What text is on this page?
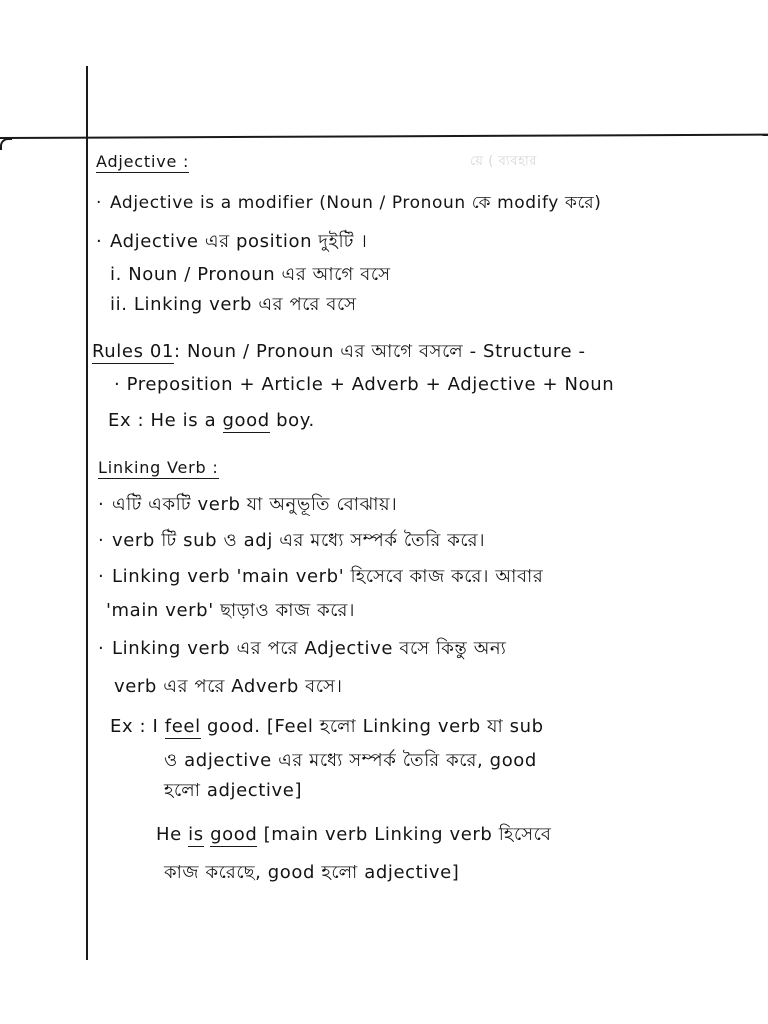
য়ে ( ব্যবহার
Adjective :
· Adjective is a modifier (Noun / Pronoun কে modify করে)
· Adjective এর position দুইটি ।
i. Noun / Pronoun এর আগে বসে
ii. Linking verb এর পরে বসে
Rules 01: Noun / Pronoun এর আগে বসলে - Structure -
· Preposition + Article + Adverb + Adjective + Noun
Ex : He is a good boy.
Linking Verb :
· এটি একটি verb যা অনুভূতি বোঝায়।
· verb টি sub ও adj এর মধ্যে সম্পর্ক তৈরি করে।
· Linking verb 'main verb' হিসেবে কাজ করে। আবার
'main verb' ছাড়াও কাজ করে।
· Linking verb এর পরে Adjective বসে কিন্তু অন্য
verb এর পরে Adverb বসে।
Ex : I feel good. [Feel হলো Linking verb যা sub
ও adjective এর মধ্যে সম্পর্ক তৈরি করে, good
হলো adjective]
He is good [main verb Linking verb হিসেবে
কাজ করেছে, good হলো adjective]
